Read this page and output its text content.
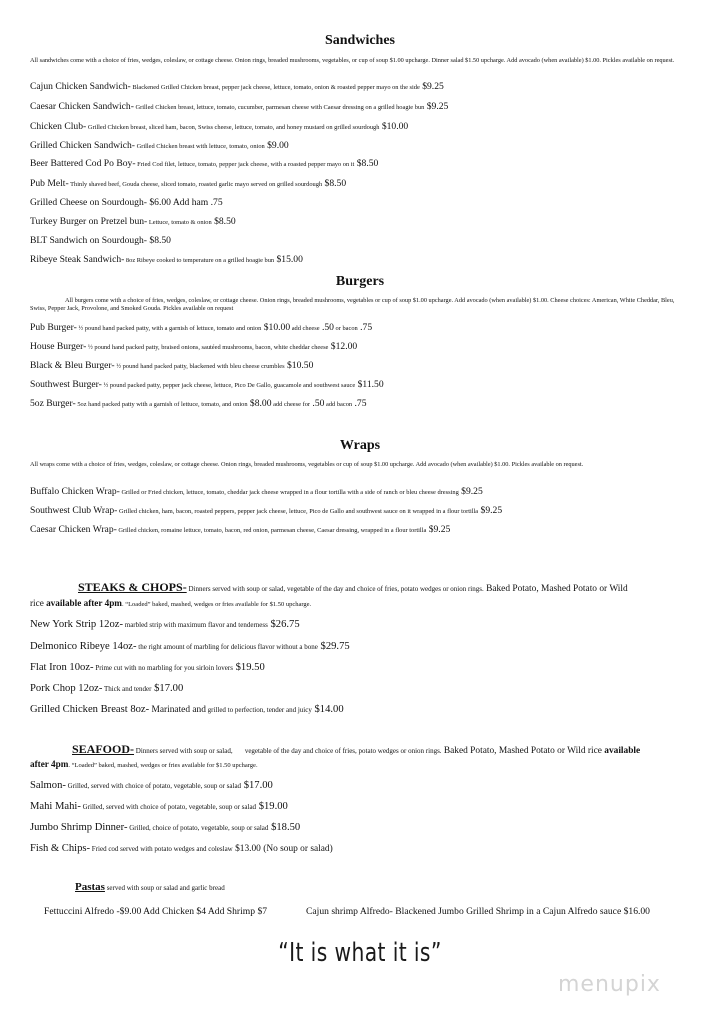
Sandwiches

All sandwiches come with a choice of fries, wedges, coleslaw, or cottage cheese. Onion rings, breaded mushrooms, vegetables, or cup of soup $1.00 upcharge. Dinner salad $1.50 upcharge. Add avocado (when available) $1.00. Pickles available on request.

Cajun Chicken Sandwich- Blackened Grilled Chicken breast, pepper jack cheese, lettuce, tomato, onion & roasted pepper mayo on the side $9.25

Caesar Chicken Sandwich- Grilled Chicken breast, lettuce, tomato, cucumber, parmesan cheese with Caesar dressing on a grilled hoagie bun $9.25

Chicken Club- Grilled Chicken breast, sliced ham, bacon, Swiss cheese, lettuce, tomato, and honey mustard on grilled sourdough $10.00

Grilled Chicken Sandwich- Grilled Chicken breast with lettuce, tomato, onion $9.00

Beer Battered Cod Po Boy- Fried Cod filet, lettuce, tomato, pepper jack cheese, with a roasted pepper mayo on it $8.50

Pub Melt- Thinly shaved beef, Gouda cheese, sliced tomato, roasted garlic mayo served on grilled sourdough $8.50

Grilled Cheese on Sourdough- $6.00 Add ham .75

Turkey Burger on Pretzel bun- Lettuce, tomato & onion $8.50

BLT Sandwich on Sourdough- $8.50

Ribeye Steak Sandwich- 8oz Ribeye cooked to temperature on a grilled hoagie bun $15.00

Burgers

All burgers come with a choice of fries, wedges, coleslaw, or cottage cheese. Onion rings, breaded mushrooms, vegetables or cup of soup $1.00 upcharge. Add avocado (when available) $1.00. Cheese choices: American, White Cheddar, Bleu, Swiss, Pepper Jack, Provolone, and Smoked Gouda. Pickles available on request

Pub Burger- ½ pound hand packed patty, with a garnish of lettuce, tomato and onion $10.00 add cheese .50 or bacon .75

House Burger- ½ pound hand packed patty, braised onions, sautéed mushrooms, bacon, white cheddar cheese $12.00

Black & Bleu Burger- ½ pound hand packed patty, blackened with bleu cheese crumbles $10.50

Southwest Burger- ½ pound packed patty, pepper jack cheese, lettuce, Pico De Gallo, guacamole and southwest sauce $11.50

5oz Burger- 5oz hand packed patty with a garnish of lettuce, tomato, and onion $8.00 add cheese for .50 add bacon .75

Wraps

All wraps come with a choice of fries, wedges, coleslaw, or cottage cheese. Onion rings, breaded mushrooms, vegetables or cup of soup $1.00 upcharge. Add avocado (when available) $1.00. Pickles available on request.

Buffalo Chicken Wrap- Grilled or Fried chicken, lettuce, tomato, cheddar jack cheese wrapped in a flour tortilla with a side of ranch or bleu cheese dressing $9.25

Southwest Club Wrap- Grilled chicken, ham, bacon, roasted peppers, pepper jack cheese, lettuce, Pico de Gallo and southwest sauce on it wrapped in a flour tortilla $9.25

Caesar Chicken Wrap- Grilled chicken, romaine lettuce, tomato, bacon, red onion, parmesan cheese, Caesar dressing, wrapped in a flour tortilla $9.25

STEAKS & CHOPS- Dinners served with soup or salad, vegetable of the day and choice of fries, potato wedges or onion rings. Baked Potato, Mashed Potato or Wild

rice available after 4pm. “Loaded” baked, mashed, wedges or fries available for $1.50 upcharge.

New York Strip 12oz- marbled strip with maximum flavor and tenderness $26.75

Delmonico Ribeye 14oz- the right amount of marbling for delicious flavor without a bone $29.75

Flat Iron 10oz- Prime cut with no marbling for you sirloin lovers $19.50

Pork Chop 12oz- Thick and tender $17.00

Grilled Chicken Breast 8oz- Marinated and grilled to perfection, tender and juicy $14.00

SEAFOOD- Dinners served with soup or salad,       vegetable of the day and choice of fries, potato wedges or onion rings. Baked Potato, Mashed Potato or Wild rice available

after 4pm. “Loaded” baked, mashed, wedges or fries available for $1.50 upcharge.

Salmon- Grilled, served with choice of potato, vegetable, soup or salad $17.00

Mahi Mahi- Grilled, served with choice of potato, vegetable, soup or salad $19.00

Jumbo Shrimp Dinner- Grilled, choice of potato, vegetable, soup or salad $18.50

Fish & Chips- Fried cod served with potato wedges and coleslaw $13.00 (No soup or salad)

Pastas served with soup or salad and garlic bread

Fettuccini Alfredo -$9.00 Add Chicken $4 Add Shrimp $7	Cajun shrimp Alfredo- Blackened Jumbo Grilled Shrimp in a Cajun Alfredo sauce $16.00

“It is what it is”

menupix
